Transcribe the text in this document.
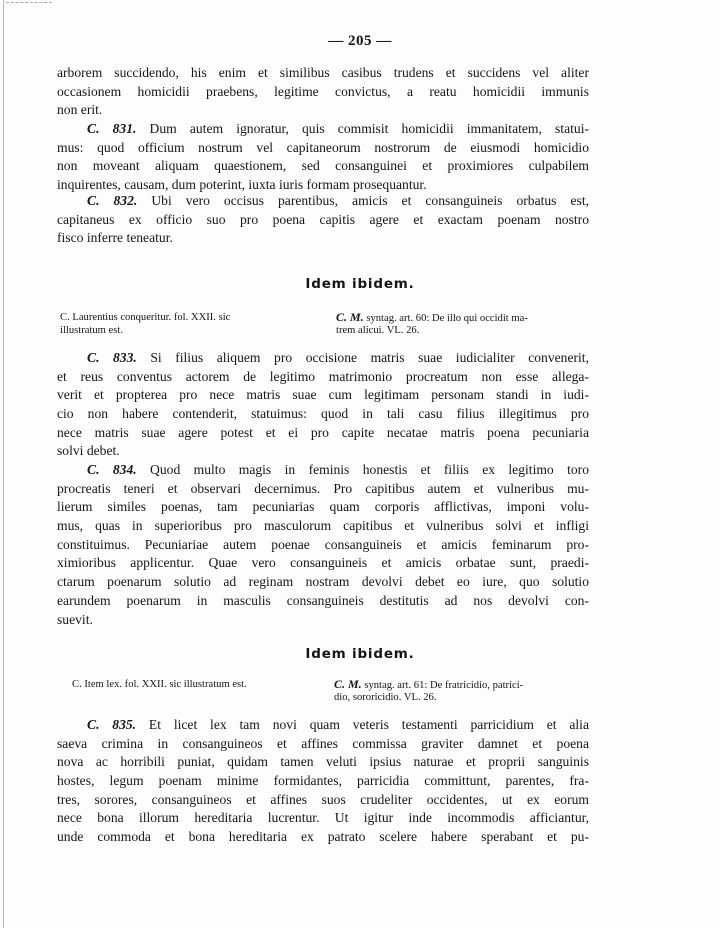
— 205 —
arborem succidendo, his enim et similibus casibus trudens et succidens vel aliter
occasionem homicidii praebens, legitime convictus, a reatu homicidii immunis
non erit.
C. 831. Dum autem ignoratur, quis commisit homicidii immanitatem, statui-
mus: quod officium nostrum vel capitaneorum nostrorum de eiusmodi homicidio
non moveant aliquam quaestionem, sed consanguinei et proximiores culpabilem
inquirentes, causam, dum poterint, iuxta iuris formam prosequantur.
C. 832. Ubi vero occisus parentibus, amicis et consanguineis orbatus est,
capitaneus ex officio suo pro poena capitis agere et exactam poenam nostro
fisco inferre teneatur.
Idem ibidem.
C. Laurentius conqueritur. fol. XXII. sic
illustratum est.
C. M. syntag. art. 60: De illo qui occidit ma-
trem alicui. VL. 26.
C. 833. Si filius aliquem pro occisione matris suae iudicialiter convenerit,
et reus conventus actorem de legitimo matrimonio procreatum non esse allega-
verit et propterea pro nece matris suae cum legitimam personam standi in iudi-
cio non habere contenderit, statuimus: quod in tali casu filius illegitimus pro
nece matris suae agere potest et ei pro capite necatae matris poena pecuniaria
solvi debet.
C. 834. Quod multo magis in feminis honestis et filiis ex legitimo toro
procreatis teneri et observari decernimus. Pro capitibus autem et vulneribus mu-
lierum similes poenas, tam pecuniarias quam corporis afflictivas, imponi volu-
mus, quas in superioribus pro masculorum capitibus et vulneribus solvi et infligi
constituimus. Pecuniariae autem poenae consanguineis et amicis feminarum pro-
ximioribus applicentur. Quae vero consanguineis et amicis orbatae sunt, praedi-
ctarum poenarum solutio ad reginam nostram devolvi debet eo iure, quo solutio
earundem poenarum in masculis consanguineis destitutis ad nos devolvi con-
suevit.
Idem ibidem.
C. Item lex. fol. XXII. sic illustratum est.	C. M. syntag. art. 61: De fratricidio, patrici-
dio, sororicidio. VL. 26.
C. 835. Et licet lex tam novi quam veteris testamenti parricidium et alia
saeva crimina in consanguineos et affines commissa graviter damnet et poena
nova ac horribili puniat, quidam tamen veluti ipsius naturae et proprii sanguinis
hostes, legum poenam minime formidantes, parricidia committunt, parentes, fra-
tres, sorores, consanguineos et affines suos crudeliter occidentes, ut ex eorum
nece bona illorum hereditaria lucrentur. Ut igitur inde incommodis afficiantur,
unde commoda et bona hereditaria ex patrato scelere habere sperabant et pu-
